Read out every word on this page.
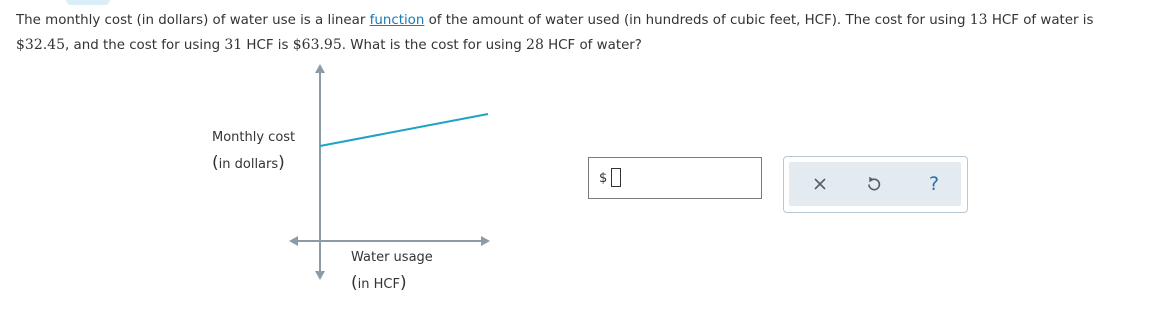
The monthly cost (in dollars) of water use is a linear function of the amount of water used (in hundreds of cubic feet, HCF). The cost for using 13 HCF of water is
$32.45, and the cost for using 31 HCF is $63.95. What is the cost for using 28 HCF of water?
Monthly cost
(in dollars)
Water usage
(in HCF)
$	?
